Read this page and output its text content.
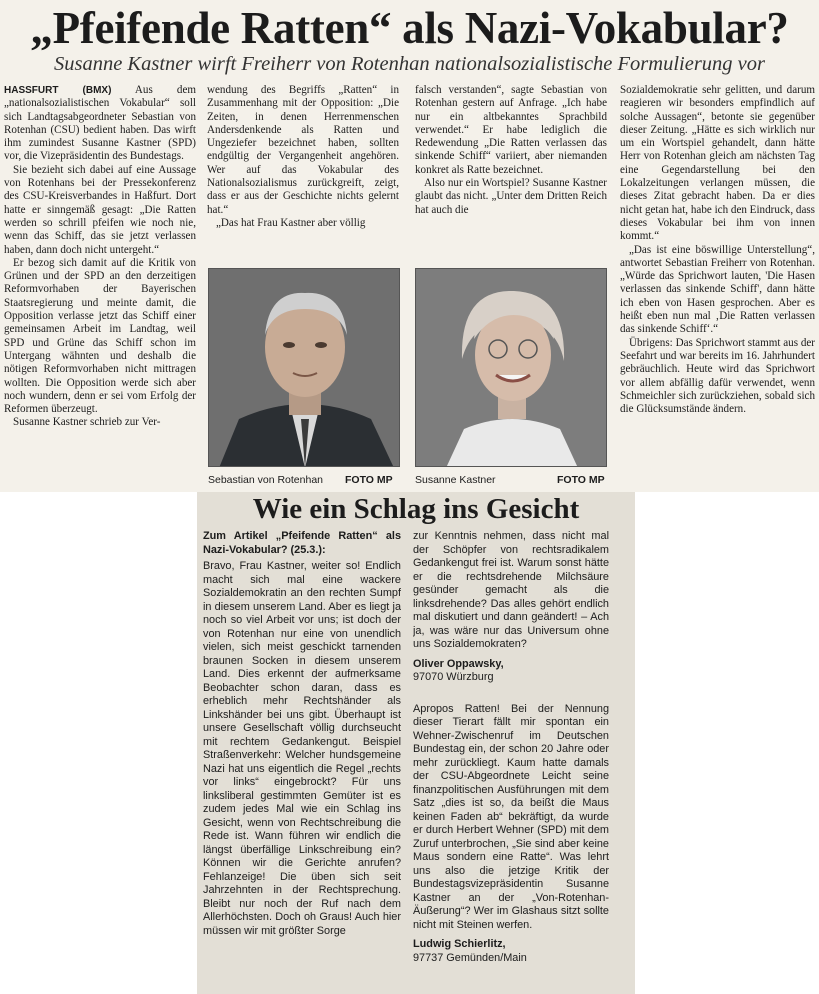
„Pfeifende Ratten“ als Nazi-Vokabular?
Susanne Kastner wirft Freiherr von Rotenhan nationalsozialistische Formulierung vor

HASSFURT (BMX) Aus dem „nationalsozialistischen Vokabular“ soll sich Landtagsabgeordneter Sebastian von Rotenhan (CSU) bedient haben. Das wirft ihm zumindest Susanne Kastner (SPD) vor, die Vizepräsidentin des Bundestags.

Sie bezieht sich dabei auf eine Aussage von Rotenhans bei der Pressekonferenz des CSU-Kreisverbandes in Haßfurt. Dort hatte er sinngemäß gesagt: „Die Ratten werden so schrill pfeifen wie noch nie, wenn das Schiff, das sie jetzt verlassen haben, dann doch nicht untergeht.“

Er bezog sich damit auf die Kritik von Grünen und der SPD an den derzeitigen Reformvorhaben der Bayerischen Staatsregierung und meinte damit, die Opposition verlasse jetzt das Schiff einer gemeinsamen Arbeit im Landtag, weil SPD und Grüne das Schiff schon im Untergang wähnten und deshalb die nötigen Reformvorhaben nicht mittragen wollten. Die Opposition werde sich aber noch wundern, denn er sei vom Erfolg der Reformen überzeugt.

Susanne Kastner schrieb zur Ver-

wendung des Begriffs „Ratten“ in Zusammenhang mit der Opposition: „Die Zeiten, in denen Herrenmenschen Andersdenkende als Ratten und Ungeziefer bezeichnet haben, sollten endgültig der Vergangenheit angehören. Wer auf das Vokabular des Nationalsozialismus zurückgreift, zeigt, dass er aus der Geschichte nichts gelernt hat.“

„Das hat Frau Kastner aber völlig

falsch verstanden“, sagte Sebastian von Rotenhan gestern auf Anfrage. „Ich habe nur ein altbekanntes Sprachbild verwendet.“ Er habe lediglich die Redewendung „Die Ratten verlassen das sinkende Schiff“ variiert, aber niemanden konkret als Ratte bezeichnet.

Also nur ein Wortspiel? Susanne Kastner glaubt das nicht. „Unter dem Dritten Reich hat auch die

Sozialdemokratie sehr gelitten, und darum reagieren wir besonders empfindlich auf solche Aussagen“, betonte sie gegenüber dieser Zeitung. „Hätte es sich wirklich nur um ein Wortspiel gehandelt, dann hätte Herr von Rotenhan gleich am nächsten Tag eine Gegendarstellung bei den Lokalzeitungen verlangen müssen, die dieses Zitat gebracht haben. Da er dies nicht getan hat, habe ich den Eindruck, dass dieses Vokabular bei ihm von innen kommt.“

„Das ist eine böswillige Unterstellung“, antwortet Sebastian Freiherr von Rotenhan. „Würde das Sprichwort lauten, 'Die Hasen verlassen das sinkende Schiff', dann hätte ich eben von Hasen gesprochen. Aber es heißt eben nun mal ‚Die Ratten verlassen das sinkende Schiff‘.“

Übrigens: Das Sprichwort stammt aus der Seefahrt und war bereits im 16. Jahrhundert gebräuchlich. Heute wird das Sprichwort vor allem abfällig dafür verwendet, wenn Schmeichler sich zurückziehen, sobald sich die Glücksumstände ändern.

Sebastian von Rotenhan FOTO MP Susanne Kastner	FOTO MP
Wie ein Schlag ins Gesicht

Zum Artikel „Pfeifende Ratten“ als Nazi-Vokabular? (25.3.):

Bravo, Frau Kastner, weiter so! Endlich macht sich mal eine wackere Sozialdemokratin an den rechten Sumpf in diesem unserem Land. Aber es liegt ja noch so viel Arbeit vor uns; ist doch der von Rotenhan nur eine von unendlich vielen, sich meist geschickt tarnenden braunen Socken in diesem unserem Land. Dies erkennt der aufmerksame Beobachter schon daran, dass es erheblich mehr Rechtshänder als Linkshänder bei uns gibt. Überhaupt ist unsere Gesellschaft völlig durchseucht mit rechtem Gedankengut. Beispiel Straßenverkehr: Welcher hundsgemeine Nazi hat uns eigentlich die Regel „rechts vor links“ eingebrockt? Für uns linksliberal gestimmten Gemüter ist es zudem jedes Mal wie ein Schlag ins Gesicht, wenn von Rechtschreibung die Rede ist. Wann führen wir endlich die längst überfällige Linkschreibung ein? Können wir die Gerichte anrufen? Fehlanzeige! Die üben sich seit Jahrzehnten in der Rechtsprechung. Bleibt nur noch der Ruf nach dem Allerhöchsten. Doch oh Graus! Auch hier müssen wir mit größter Sorge

zur Kenntnis nehmen, dass nicht mal der Schöpfer von rechtsradikalem Gedankengut frei ist. Warum sonst hätte er die rechtsdrehende Milchsäure gesünder gemacht als die linksdrehende? Das alles gehört endlich mal diskutiert und dann geändert! – Ach ja, was wäre nur das Universum ohne uns Sozialdemokraten?

Oliver Oppawsky,

97070 Würzburg

Apropos Ratten! Bei der Nennung dieser Tierart fällt mir spontan ein Wehner-Zwischenruf im Deutschen Bundestag ein, der schon 20 Jahre oder mehr zurückliegt. Kaum hatte damals der CSU-Abgeordnete Leicht seine finanzpolitischen Ausführungen mit dem Satz „dies ist so, da beißt die Maus keinen Faden ab“ bekräftigt, da wurde er durch Herbert Wehner (SPD) mit dem Zuruf unterbrochen, „Sie sind aber keine Maus sondern eine Ratte“. Was lehrt uns also die jetzige Kritik der Bundestagsvizepräsidentin Susanne Kastner an der „Von-Rotenhan-Äußerung“? Wer im Glashaus sitzt sollte nicht mit Steinen werfen.

Ludwig Schierlitz,

97737 Gemünden/Main
